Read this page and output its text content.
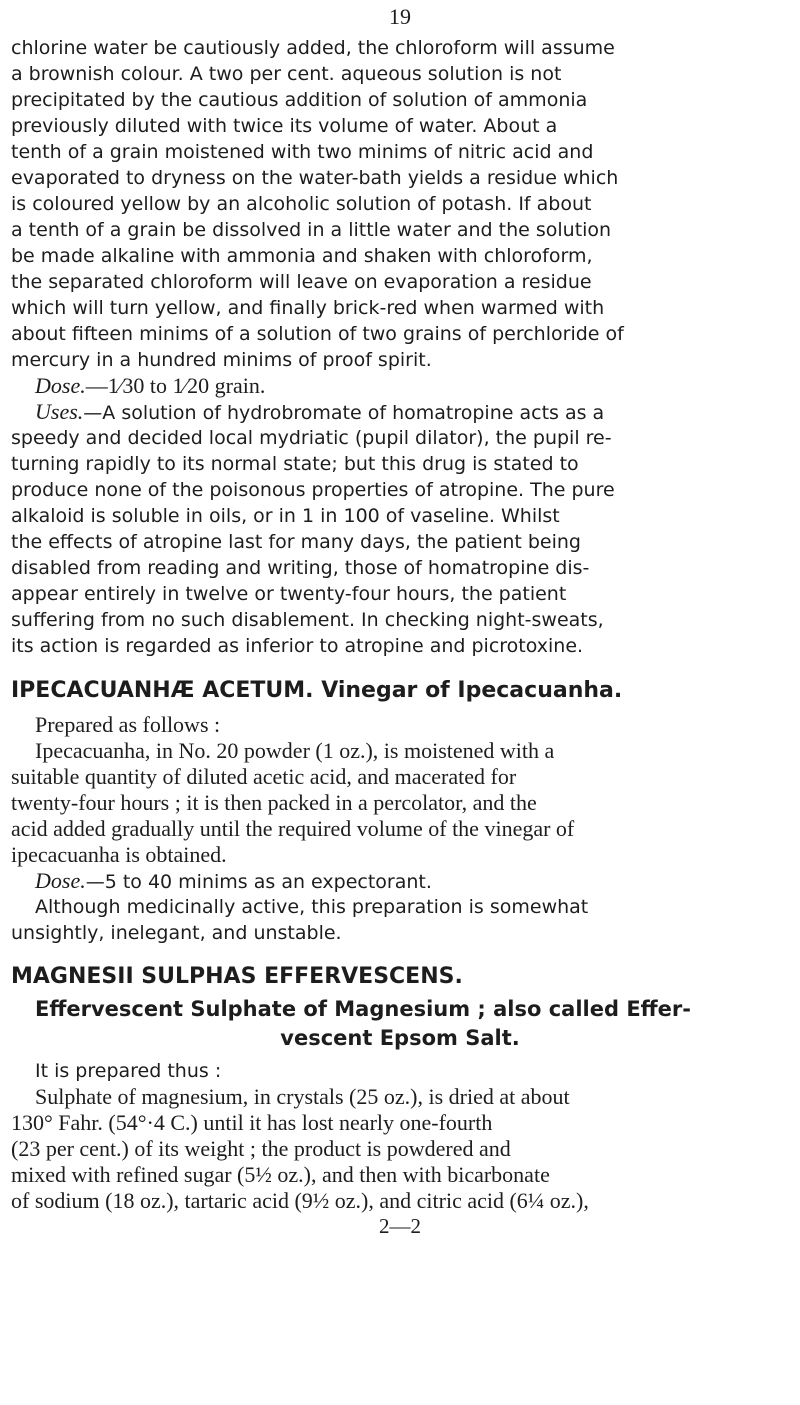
19
chlorine water be cautiously added, the chloroform will assume
a brownish colour. A two per cent. aqueous solution is not
precipitated by the cautious addition of solution of ammonia
previously diluted with twice its volume of water. About a
tenth of a grain moistened with two minims of nitric acid and
evaporated to dryness on the water-bath yields a residue which
is coloured yellow by an alcoholic solution of potash. If about
a tenth of a grain be dissolved in a little water and the solution
be made alkaline with ammonia and shaken with chloroform,
the separated chloroform will leave on evaporation a residue
which will turn yellow, and finally brick-red when warmed with
about fifteen minims of a solution of two grains of perchloride of
mercury in a hundred minims of proof spirit.
Dose.—1⁄30 to 1⁄20 grain.
Uses.—A solution of hydrobromate of homatropine acts as a
speedy and decided local mydriatic (pupil dilator), the pupil re-
turning rapidly to its normal state; but this drug is stated to
produce none of the poisonous properties of atropine. The pure
alkaloid is soluble in oils, or in 1 in 100 of vaseline. Whilst
the effects of atropine last for many days, the patient being
disabled from reading and writing, those of homatropine dis-
appear entirely in twelve or twenty-four hours, the patient
suffering from no such disablement. In checking night-sweats,
its action is regarded as inferior to atropine and picrotoxine.
IPECACUANHÆ ACETUM. Vinegar of Ipecacuanha.
Prepared as follows :
Ipecacuanha, in No. 20 powder (1 oz.), is moistened with a
suitable quantity of diluted acetic acid, and macerated for
twenty-four hours ; it is then packed in a percolator, and the
acid added gradually until the required volume of the vinegar of
ipecacuanha is obtained.
Dose.—5 to 40 minims as an expectorant.
Although medicinally active, this preparation is somewhat
unsightly, inelegant, and unstable.
MAGNESII SULPHAS EFFERVESCENS.
Effervescent Sulphate of Magnesium ; also called Effer-
vescent Epsom Salt.
It is prepared thus :
Sulphate of magnesium, in crystals (25 oz.), is dried at about
130° Fahr. (54°·4 C.) until it has lost nearly one-fourth
(23 per cent.) of its weight ; the product is powdered and
mixed with refined sugar (5½ oz.), and then with bicarbonate
of sodium (18 oz.), tartaric acid (9½ oz.), and citric acid (6¼ oz.),
2—2
